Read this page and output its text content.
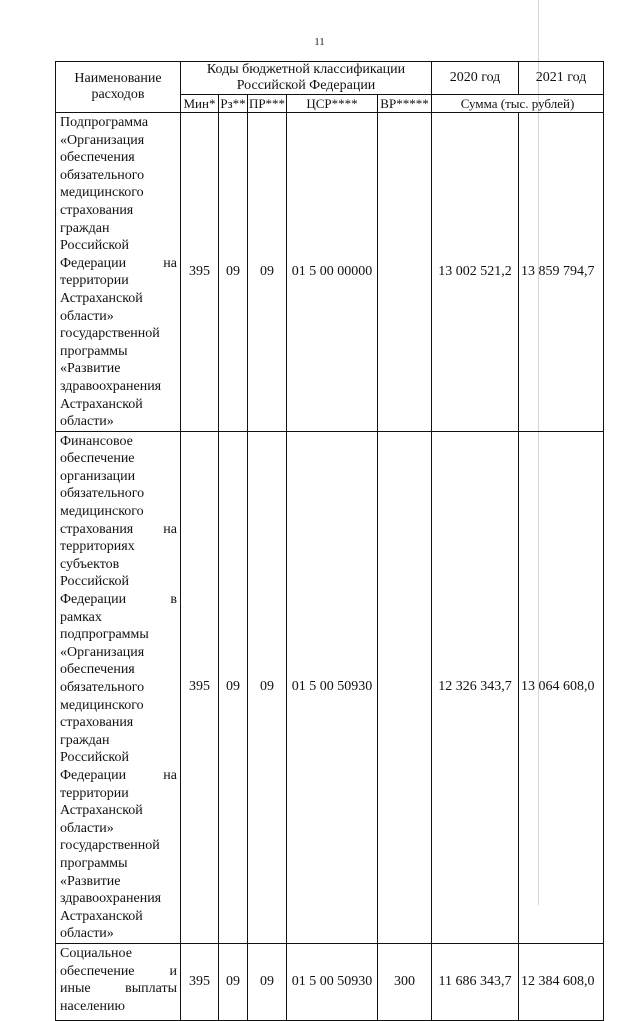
11
Наименование расходов	Коды бюджетной классификации Российской Федерации					2020 год	2021 год
	Мин*	Рз**	ПР***	ЦСР****	ВР*****	Сумма (тыс. рублей)	
Подпрограмма «Организация обеспечения обязательного медицинского страхования граждан Российской Федерации на территории Астраханской области» государственной программы «Развитие здравоохранения Астраханской области»	395	09	09	01 5 00 00000		13 002 521,2	13 859 794,7
Финансовое обеспечение организации обязательного медицинского страхования на территориях субъектов Российской Федерации в рамках подпрограммы «Организация обеспечения обязательного медицинского страхования граждан Российской Федерации на территории Астраханской области» государственной программы «Развитие здравоохранения Астраханской области»	395	09	09	01 5 00 50930		12 326 343,7	13 064 608,0
Социальное обеспечение и иные выплаты населению	395	09	09	01 5 00 50930	300	11 686 343,7	12 384 608,0
